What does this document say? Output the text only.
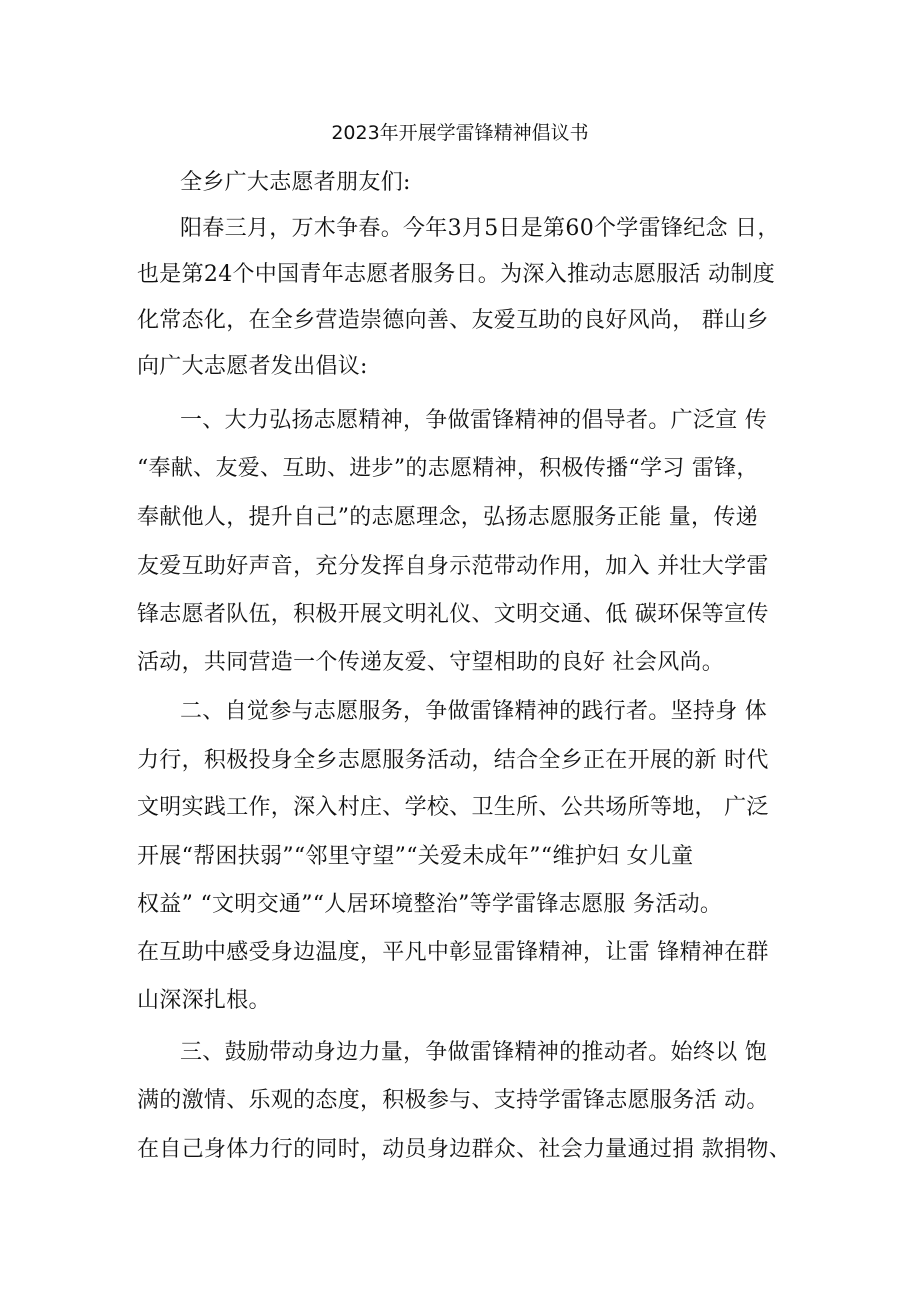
2023年开展学雷锋精神倡议书
全乡广大志愿者朋友们:
阳春三月，万木争春。今年3月5日是第60个学雷锋纪念 日，
也是第24个中国青年志愿者服务日。为深入推动志愿服活 动制度
化常态化，在全乡营造崇德向善、友爱互助的良好风尚， 群山乡
向广大志愿者发出倡议:
一、大力弘扬志愿精神，争做雷锋精神的倡导者。广泛宣 传
“奉献、友爱、互助、进步”的志愿精神，积极传播“学习 雷锋，
奉献他人，提升自己”的志愿理念，弘扬志愿服务正能 量，传递
友爱互助好声音，充分发挥自身示范带动作用，加入 并壮大学雷
锋志愿者队伍，积极开展文明礼仪、文明交通、低 碳环保等宣传
活动，共同营造一个传递友爱、守望相助的良好 社会风尚。
二、自觉参与志愿服务，争做雷锋精神的践行者。坚持身 体
力行，积极投身全乡志愿服务活动，结合全乡正在开展的新 时代
文明实践工作，深入村庄、学校、卫生所、公共场所等地， 广泛
开展“帮困扶弱”“邻里守望”“关爱未成年”“维护妇 女儿童
权益” “文明交通”“人居环境整治”等学雷锋志愿服 务活动。
在互助中感受身边温度，平凡中彰显雷锋精神，让雷 锋精神在群
山深深扎根。
三、鼓励带动身边力量，争做雷锋精神的推动者。始终以 饱
满的激情、乐观的态度，积极参与、支持学雷锋志愿服务活 动。
在自己身体力行的同时，动员身边群众、社会力量通过捐 款捐物、
